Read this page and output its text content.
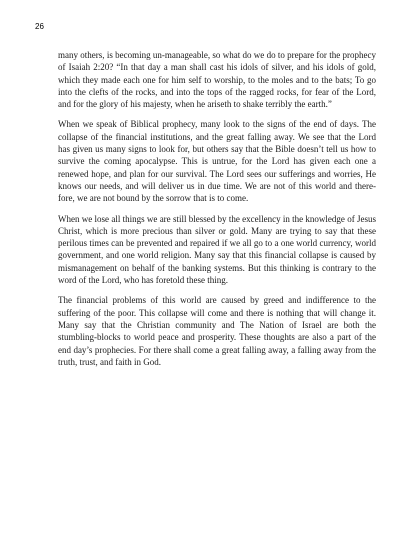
26

many others, is becoming un-manageable, so what do we do to prepare for the prophecy of Isaiah 2:20? “In that day a man shall cast his idols of silver, and his idols of gold, which they made each one for him self to worship, to the moles and to the bats; To go into the clefts of the rocks, and into the tops of the ragged rocks, for fear of the Lord, and for the glory of his majesty, when he ariseth to shake terribly the earth.”

When we speak of Biblical prophecy, many look to the signs of the end of days. The collapse of the financial institutions, and the great falling away. We see that the Lord has given us many signs to look for, but others say that the Bible doesn’t tell us how to survive the coming apocalypse. This is untrue, for the Lord has given each one a renewed hope, and plan for our survival. The Lord sees our sufferings and worries, He knows our needs, and will deliver us in due time. We are not of this world and there-fore, we are not bound by the sorrow that is to come.

When we lose all things we are still blessed by the excellency in the knowledge of Jesus Christ, which is more precious than silver or gold. Many are trying to say that these perilous times can be prevented and repaired if we all go to a one world currency, world government, and one world religion. Many say that this financial collapse is caused by mismanagement on behalf of the banking systems. But this thinking is contrary to the word of the Lord, who has foretold these thing.

The financial problems of this world are caused by greed and indifference to the suffering of the poor. This collapse will come and there is nothing that will change it. Many say that the Christian community and The Nation of Israel are both the stumbling-blocks to world peace and prosperity. These thoughts are also a part of the end day’s prophecies. For there shall come a great falling away, a falling away from the truth, trust, and faith in God.
